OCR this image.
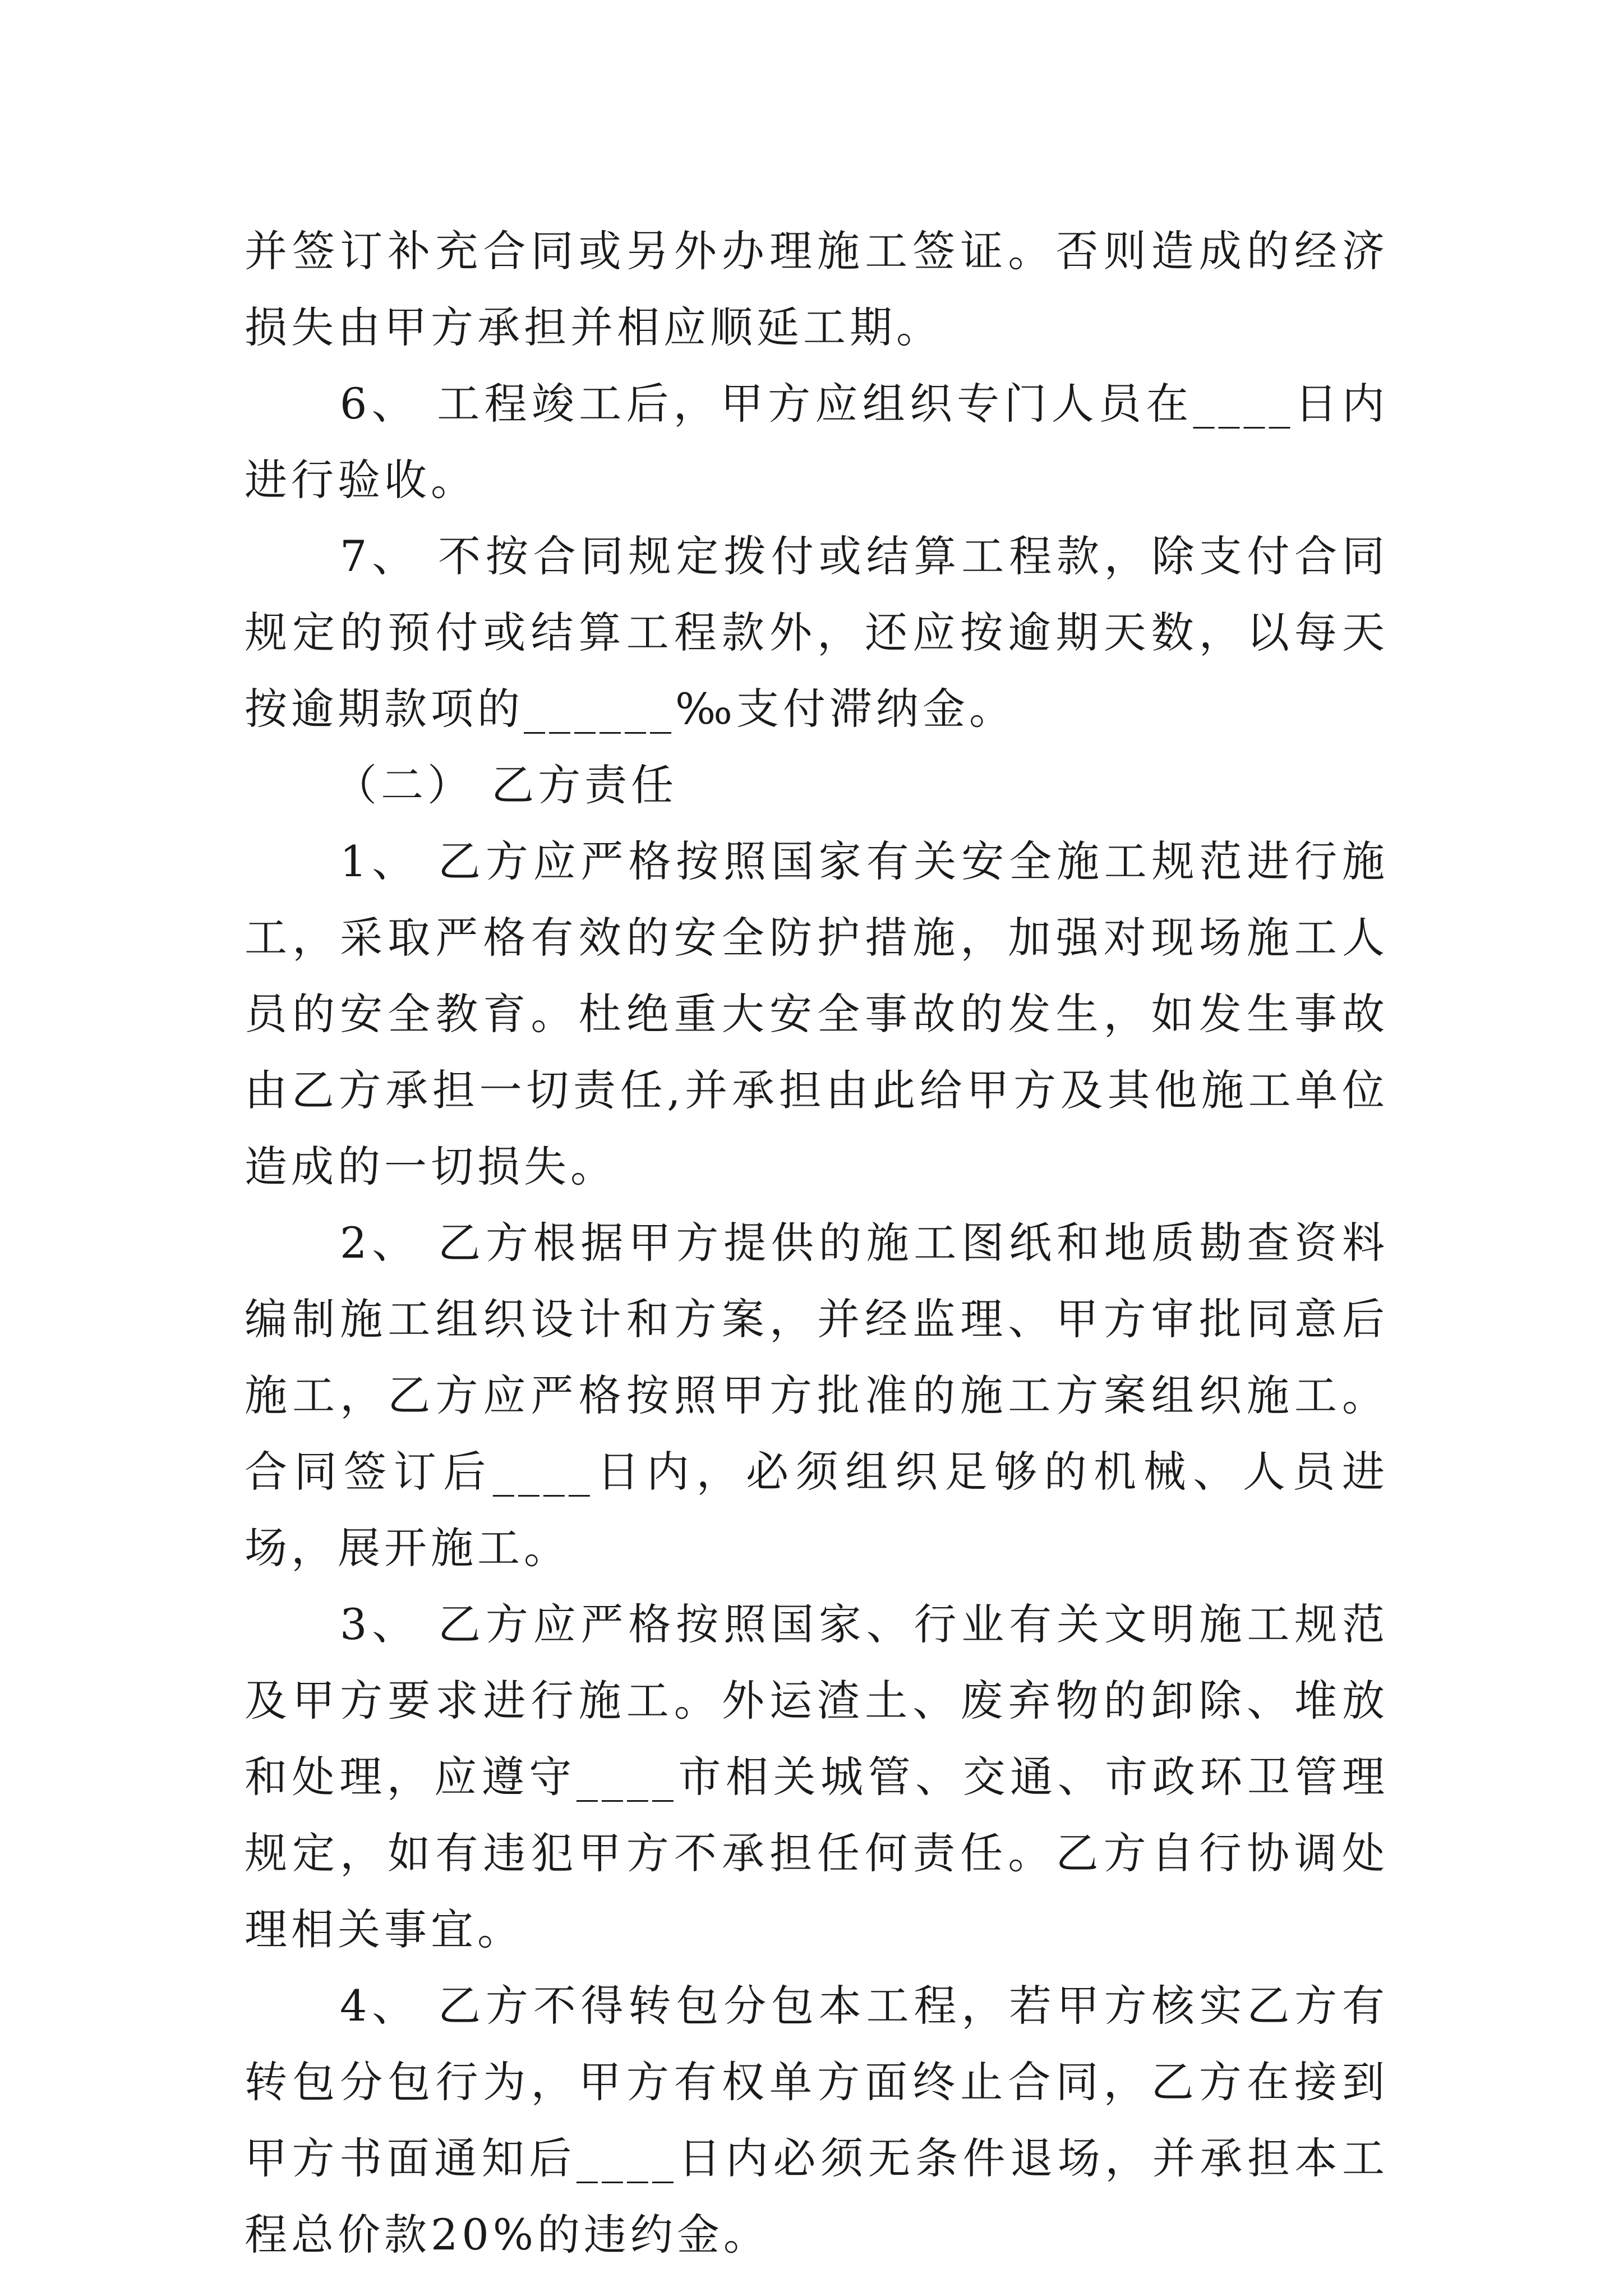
并签订补充合同或另外办理施工签证。否则造成的经济损失由甲方承担并相应顺延工期。

6、 工程竣工后，甲方应组织专门人员在____日内进行验收。

7、 不按合同规定拨付或结算工程款，除支付合同规定的预付或结算工程款外，还应按逾期天数，以每天按逾期款项的______‰支付滞纳金。

（二） 乙方责任

1、 乙方应严格按照国家有关安全施工规范进行施工，采取严格有效的安全防护措施，加强对现场施工人员的安全教育。杜绝重大安全事故的发生，如发生事故由乙方承担一切责任,并承担由此给甲方及其他施工单位造成的一切损失。

2、 乙方根据甲方提供的施工图纸和地质勘查资料编制施工组织设计和方案，并经监理、甲方审批同意后施工，乙方应严格按照甲方批准的施工方案组织施工。合同签订后____日内，必须组织足够的机械、人员进场，展开施工。

3、 乙方应严格按照国家、行业有关文明施工规范及甲方要求进行施工。外运渣土、废弃物的卸除、堆放和处理，应遵守____市相关城管、交通、市政环卫管理规定，如有违犯甲方不承担任何责任。乙方自行协调处理相关事宜。

4、 乙方不得转包分包本工程，若甲方核实乙方有转包分包行为，甲方有权单方面终止合同，乙方在接到甲方书面通知后____日内必须无条件退场，并承担本工程总价款20%的违约金。
